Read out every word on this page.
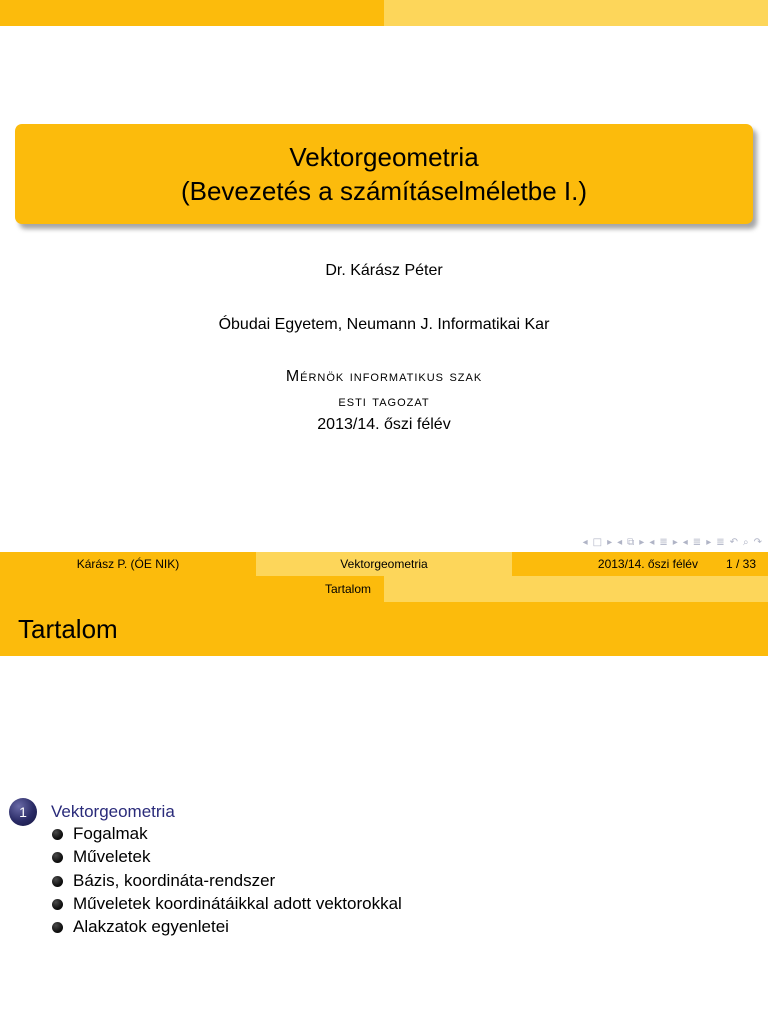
Vektorgeometria
(Bevezetés a számításelméletbe I.)
Dr. Kárász Péter
Óbudai Egyetem, Neumann J. Informatikai Kar
Mérnök informatikus szak
esti tagozat
2013/14. őszi félév
◂ □ ▸ ◂ ⧉ ▸ ◂ ≣ ▸ ◂ ≣ ▸ ≣ ↶ ⌕ ↷
Kárász P. (ÓE NIK)	Vektorgeometria	2013/14. őszi félév 1 / 33
Tartalom
Tartalom
1	Vektorgeometria
Fogalmak
Műveletek
Bázis, koordináta-rendszer
Műveletek koordinátáikkal adott vektorokkal
Alakzatok egyenletei
